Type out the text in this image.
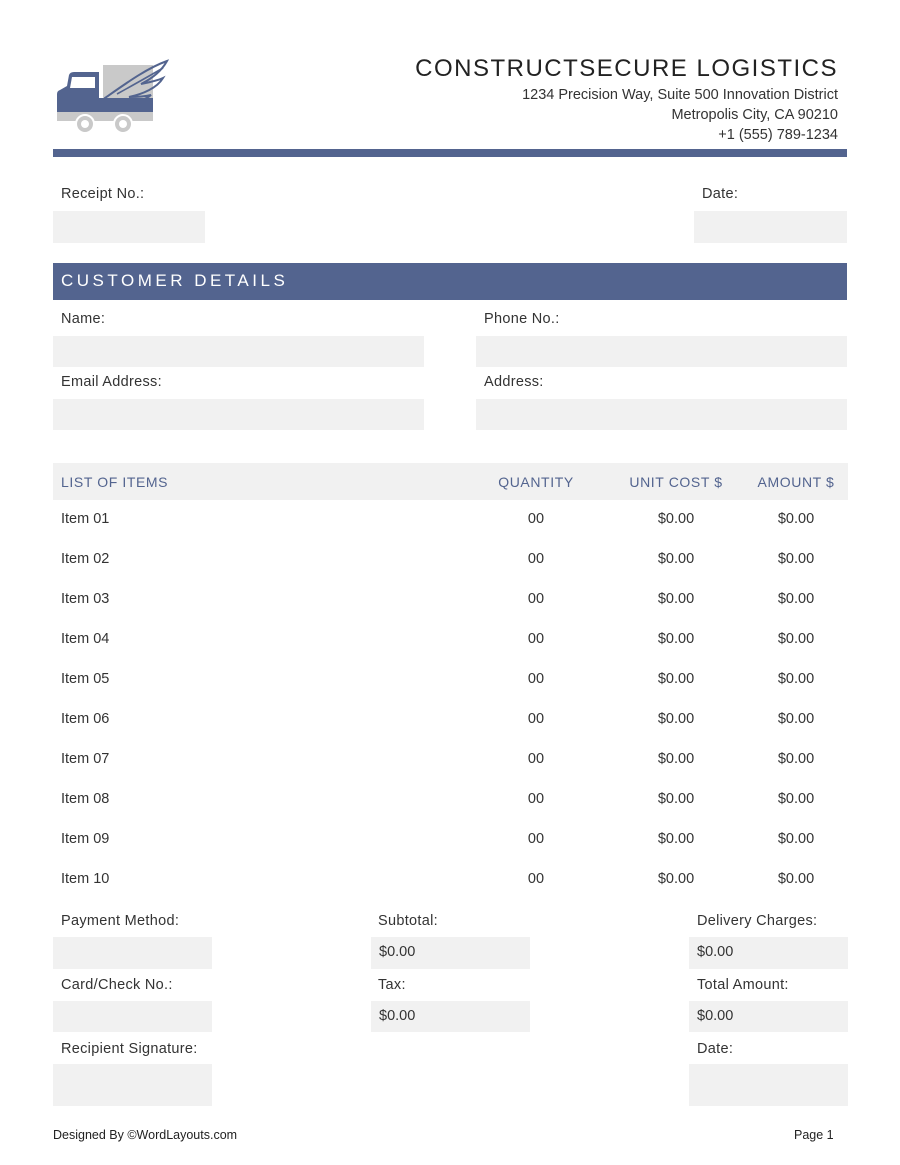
CONSTRUCTSECURE LOGISTICS
1234 Precision Way, Suite 500 Innovation District
Metropolis City, CA 90210
+1 (555) 789-1234
Receipt No.:	Date:
CUSTOMER DETAILS
Name:	Phone No.:
Email Address:	Address:
LIST OF ITEMS	QUANTITY	UNIT COST $	AMOUNT $
Item 01	00	$0.00	$0.00
Item 02	00	$0.00	$0.00
Item 03	00	$0.00	$0.00
Item 04	00	$0.00	$0.00
Item 05	00	$0.00	$0.00
Item 06	00	$0.00	$0.00
Item 07	00	$0.00	$0.00
Item 08	00	$0.00	$0.00
Item 09	00	$0.00	$0.00
Item 10	00	$0.00	$0.00
Payment Method:
Card/Check No.:
Recipient Signature:
Subtotal:
$0.00
Tax:
$0.00
Delivery Charges:
$0.00
Total Amount:
$0.00
Date:
Designed By ©WordLayouts.com	Page 1
